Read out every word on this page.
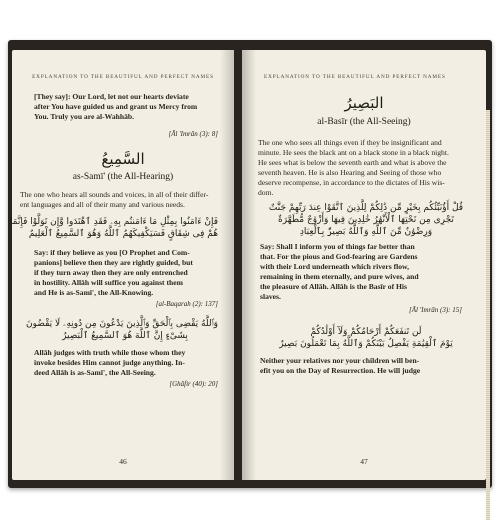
EXPLANATION TO THE BEAUTIFUL AND PERFECT NAMES
[They say]: Our Lord, let not our hearts deviate
after You have guided us and grant us Mercy from
You. Truly you are al-Wahhāb.
[Āl 'Imrān (3): 8]
السَّمِيعُ
as-Samī' (the All-Hearing)
The one who hears all sounds and voices, in all of their differ-
ent languages and all of their many and various needs.
فَإِنْ ءَامَنُوا بِمِثْلِ مَا ءَامَنتُم بِهِۦ فَقَدِ ٱهْتَدَوا وَّإِن تَوَلَّوْا فَإِنَّمَا
هُمْ فِى شِقَاقٍ فَسَيَكْفِيكَهُمُ ٱللَّهُ وَهُوَ ٱلسَّمِيعُ ٱلْعَلِيمُ
Say: if they believe as you [O Prophet and Com-
panions] believe then they are rightly guided, but
if they turn away then they are only entrenched
in hostility. Allāh will suffice you against them
and He is as-Samī', the All-Knowing.
[al-Baqarah (2): 137]
وَٱللَّهُ يَقْضِى بِٱلْحَقِّ وَٱلَّذِينَ يَدْعُونَ مِن دُونِهِۦ لَا يَقْضُونَ
بِشَىْءٍ إِنَّ ٱللَّهَ هُوَ ٱلسَّمِيعُ ٱلْبَصِيرُ
Allāh judges with truth while those whom they
invoke besides Him cannot judge anything. In-
deed Allāh is as-Samī', the All-Seeing.
[Ghāfir (40): 20]
46
EXPLANATION TO THE BEAUTIFUL AND PERFECT NAMES
البَصِيرُ
al-Basīr (the All-Seeing)
The one who sees all things even if they be insignificant and
minute. He sees the black ant on a black stone in a black night.
He sees what is below the seventh earth and what is above the
seventh heaven. He is also Hearing and Seeing of those who
deserve recompense, in accordance to the dictates of His wis-
dom.
قُلْ أَؤُنَبِّئُكُم بِخَيْرٍ مِّن ذَٰلِكُمْ لِلَّذِينَ ٱتَّقَوْا عِندَ رَبِّهِمْ جَنَّٰتٌ
تَجْرِى مِن تَحْتِهَا ٱلْأَنْهَٰرُ خَٰلِدِينَ فِيهَا وَأَزْوَٰجٌ مُّطَهَّرَةٌ
وَرِضْوَٰنٌ مِّنَ ٱللَّهِ وَٱللَّهُ بَصِيرٌۢ بِٱلْعِبَادِ
Say: Shall I inform you of things far better than
that. For the pious and God-fearing are Gardens
with their Lord underneath which rivers flow,
remaining in them eternally, and pure wives, and
the pleasure of Allāh. Allāh is the Basīr of His
slaves.
[Āl 'Imrān (3): 15]
لَن تَنفَعَكُمْ أَرْحَامُكُمْ وَلَآ أَوْلَٰدُكُمْ
يَوْمَ ٱلْقِيَٰمَةِ يَفْصِلُ بَيْنَكُمْ وَٱللَّهُ بِمَا تَعْمَلُونَ بَصِيرٌ
Neither your relatives nor your children will ben-
efit you on the Day of Resurrection. He will judge
47
